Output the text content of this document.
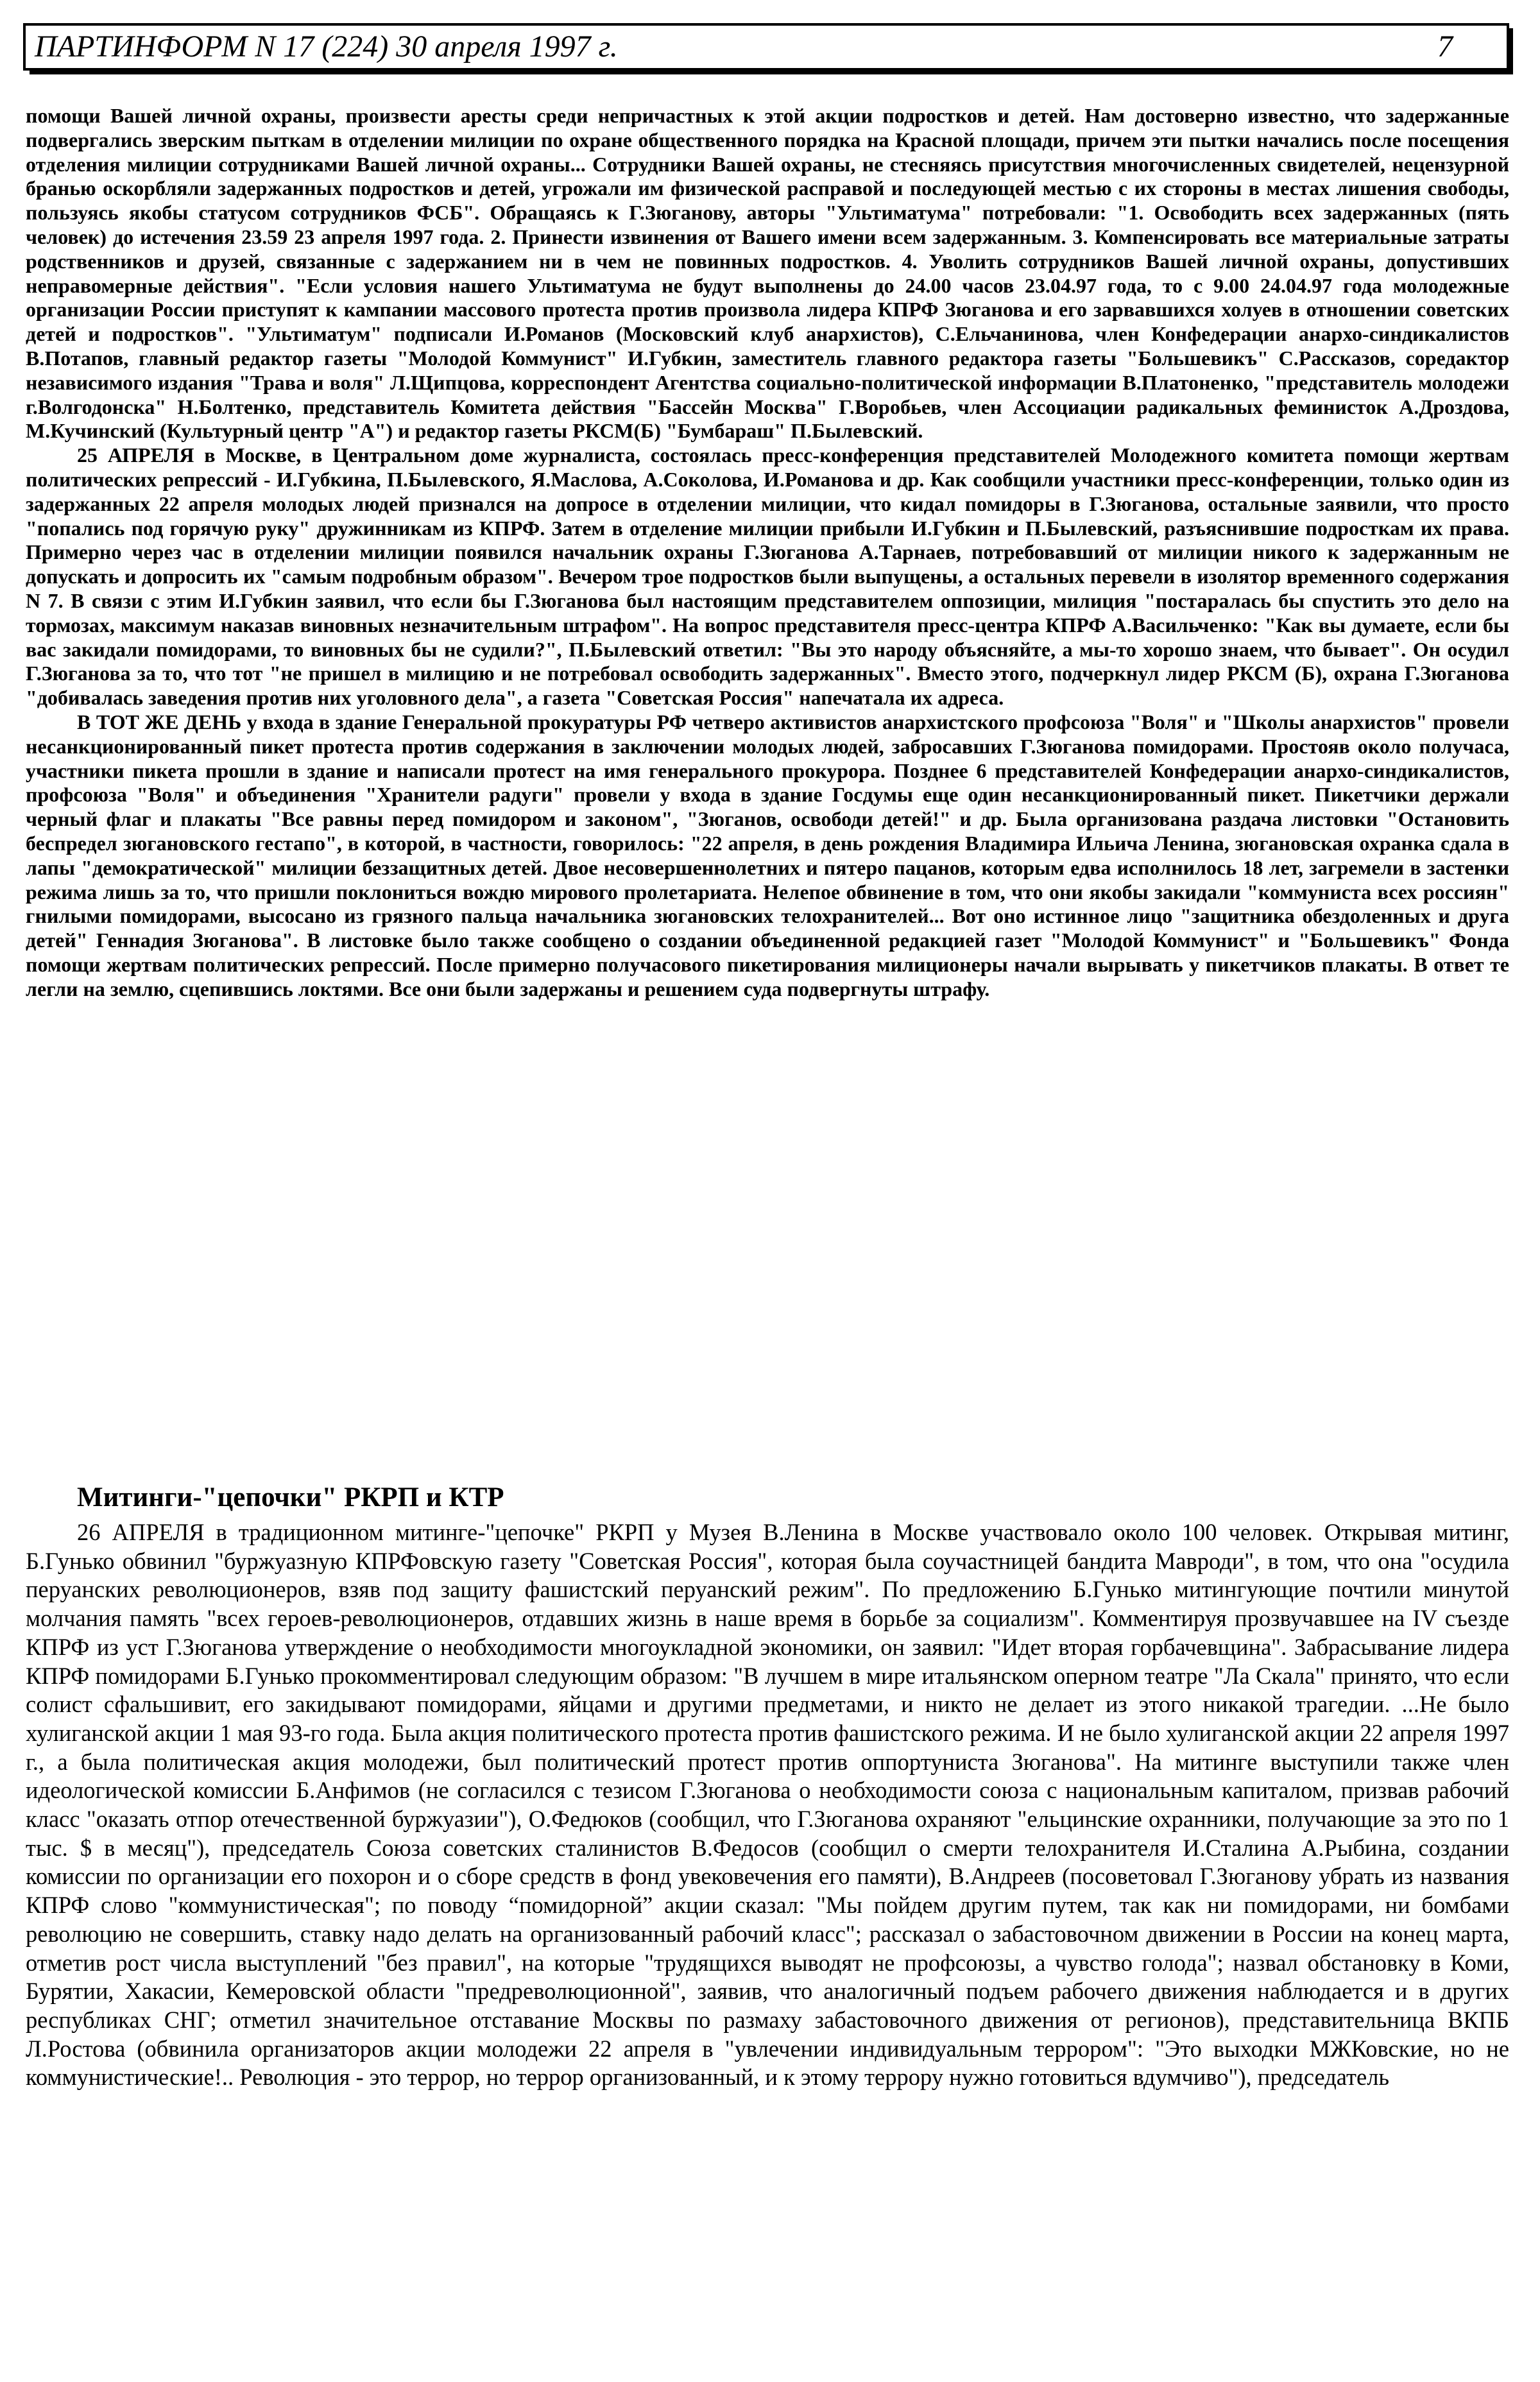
ПАРТИНФОРМ N 17 (224) 30 апреля 1997 г.	7

помощи Вашей личной охраны, произвести аресты среди непричастных к этой акции подростков и детей. Нам достоверно известно, что задержанные подвергались зверским пыткам в отделении милиции по охране общественного порядка на Красной площади, причем эти пытки начались после посещения отделения милиции сотрудниками Вашей личной охраны... Сотрудники Вашей охраны, не стесняясь присутствия многочисленных свидетелей, нецензурной бранью оскорбляли задержанных подростков и детей, угрожали им физической расправой и последующей местью с их стороны в местах лишения свободы, пользуясь якобы статусом сотрудников ФСБ". Обращаясь к Г.Зюганову, авторы "Ультиматума" потребовали: "1. Освободить всех задержанных (пять человек) до истечения 23.59 23 апреля 1997 года. 2. Принести извинения от Вашего имени всем задержанным. 3. Компенсировать все материальные затраты родственников и друзей, связанные с задержанием ни в чем не повинных подростков. 4. Уволить сотрудников Вашей личной охраны, допустивших неправомерные действия". "Если условия нашего Ультиматума не будут выполнены до 24.00 часов 23.04.97 года, то с 9.00 24.04.97 года молодежные организации России приступят к кампании массового протеста против произвола лидера КПРФ Зюганова и его зарвавшихся холуев в отношении советских детей и подростков". "Ультиматум" подписали И.Романов (Московский клуб анархистов), С.Ельчанинова, член Конфедерации анархо-синдикалистов В.Потапов, главный редактор газеты "Молодой Коммунист" И.Губкин, заместитель главного редактора газеты "Большевикъ" С.Рассказов, соредактор независимого издания "Трава и воля" Л.Щипцова, корреспондент Агентства социально-политической информации В.Платоненко, "представитель молодежи г.Волгодонска" Н.Болтенко, представитель Комитета действия "Бассейн Москва" Г.Воробьев, член Ассоциации радикальных феминисток А.Дроздова, М.Кучинский (Культурный центр "А") и редактор газеты РКСМ(Б) "Бумбараш" П.Былевский.

25 АПРЕЛЯ в Москве, в Центральном доме журналиста, состоялась пресс-конференция представителей Молодежного комитета помощи жертвам политических репрессий - И.Губкина, П.Былевского, Я.Маслова, А.Соколова, И.Романова и др. Как сообщили участники пресс-конференции, только один из задержанных 22 апреля молодых людей признался на допросе в отделении милиции, что кидал помидоры в Г.Зюганова, остальные заявили, что просто "попались под горячую руку" дружинникам из КПРФ. Затем в отделение милиции прибыли И.Губкин и П.Былевский, разъяснившие подросткам их права. Примерно через час в отделении милиции появился начальник охраны Г.Зюганова А.Тарнаев, потребовавший от милиции никого к задержанным не допускать и допросить их "самым подробным образом". Вечером трое подростков были выпущены, а остальных перевели в изолятор временного содержания N 7. В связи с этим И.Губкин заявил, что если бы Г.Зюганова был настоящим представителем оппозиции, милиция "постаралась бы спустить это дело на тормозах, максимум наказав виновных незначительным штрафом". На вопрос представителя пресс-центра КПРФ А.Васильченко: "Как вы думаете, если бы вас закидали помидорами, то виновных бы не судили?", П.Былевский ответил: "Вы это народу объясняйте, а мы-то хорошо знаем, что бывает". Он осудил Г.Зюганова за то, что тот "не пришел в милицию и не потребовал освободить задержанных". Вместо этого, подчеркнул лидер РКСМ (Б), охрана Г.Зюганова "добивалась заведения против них уголовного дела", а газета "Советская Россия" напечатала их адреса.

В ТОТ ЖЕ ДЕНЬ у входа в здание Генеральной прокуратуры РФ четверо активистов анархистского профсоюза "Воля" и "Школы анархистов" провели несанкционированный пикет протеста против содержания в заключении молодых людей, забросавших Г.Зюганова помидорами. Простояв около получаса, участники пикета прошли в здание и написали протест на имя генерального прокурора. Позднее 6 представителей Конфедерации анархо-синдикалистов, профсоюза "Воля" и объединения "Хранители радуги" провели у входа в здание Госдумы еще один несанкционированный пикет. Пикетчики держали черный флаг и плакаты "Все равны перед помидором и законом", "Зюганов, освободи детей!" и др. Была организована раздача листовки "Остановить беспредел зюгановского гестапо", в которой, в частности, говорилось: "22 апреля, в день рождения Владимира Ильича Ленина, зюгановская охранка сдала в лапы "демократической" милиции беззащитных детей. Двое несовершеннолетних и пятеро пацанов, которым едва исполнилось 18 лет, загремели в застенки режима лишь за то, что пришли поклониться вождю мирового пролетариата. Нелепое обвинение в том, что они якобы закидали "коммуниста всех россиян" гнилыми помидорами, высосано из грязного пальца начальника зюгановских телохранителей... Вот оно истинное лицо "защитника обездоленных и друга детей" Геннадия Зюганова". В листовке было также сообщено о создании объединенной редакцией газет "Молодой Коммунист" и "Большевикъ" Фонда помощи жертвам политических репрессий. После примерно получасового пикетирования милиционеры начали вырывать у пикетчиков плакаты. В ответ те легли на землю, сцепившись локтями. Все они были задержаны и решением суда подвергнуты штрафу.

Митинги-"цепочки" РКРП и КТР

26 АПРЕЛЯ в традиционном митинге-"цепочке" РКРП у Музея В.Ленина в Москве участвовало около 100 человек. Открывая митинг, Б.Гунько обвинил "буржуазную КПРФовскую газету "Советская Россия", которая была соучастницей бандита Мавроди", в том, что она "осудила перуанских революционеров, взяв под защиту фашистский перуанский режим". По предложению Б.Гунько митингующие почтили минутой молчания память "всех героев-революционеров, отдавших жизнь в наше время в борьбе за социализм". Комментируя прозвучавшее на IV съезде КПРФ из уст Г.Зюганова утверждение о необходимости многоукладной экономики, он заявил: "Идет вторая горбачевщина". Забрасывание лидера КПРФ помидорами Б.Гунько прокомментировал следующим образом: "В лучшем в мире итальянском оперном театре "Ла Скала" принято, что если солист сфальшивит, его закидывают помидорами, яйцами и другими предметами, и никто не делает из этого никакой трагедии. ...Не было хулиганской акции 1 мая 93-го года. Была акция политического протеста против фашистского режима. И не было хулиганской акции 22 апреля 1997 г., а была политическая акция молодежи, был политический протест против оппортуниста Зюганова". На митинге выступили также член идеологической комиссии Б.Анфимов (не согласился с тезисом Г.Зюганова о необходимости союза с национальным капиталом, призвав рабочий класс "оказать отпор отечественной буржуазии"), О.Федюков (сообщил, что Г.Зюганова охраняют "ельцинские охранники, получающие за это по 1 тыс. $ в месяц"), председатель Союза советских сталинистов В.Федосов (сообщил о смерти телохранителя И.Сталина А.Рыбина, создании комиссии по организации его похорон и о сборе средств в фонд увековечения его памяти), В.Андреев (посоветовал Г.Зюганову убрать из названия КПРФ слово "коммунистическая"; по поводу “помидорной” акции сказал: "Мы пойдем другим путем, так как ни помидорами, ни бомбами революцию не совершить, ставку надо делать на организованный рабочий класс"; рассказал о забастовочном движении в России на конец марта, отметив рост числа выступлений "без правил", на которые "трудящихся выводят не профсоюзы, а чувство голода"; назвал обстановку в Коми, Бурятии, Хакасии, Кемеровской области "предреволюционной", заявив, что аналогичный подъем рабочего движения наблюдается и в других республиках СНГ; отметил значительное отставание Москвы по размаху забастовочного движения от регионов), представительница ВКПБ Л.Ростова (обвинила организаторов акции молодежи 22 апреля в "увлечении индивидуальным террором": "Это выходки МЖКовские, но не коммунистические!.. Революция - это террор, но террор организованный, и к этому террору нужно готовиться вдумчиво"), председатель
